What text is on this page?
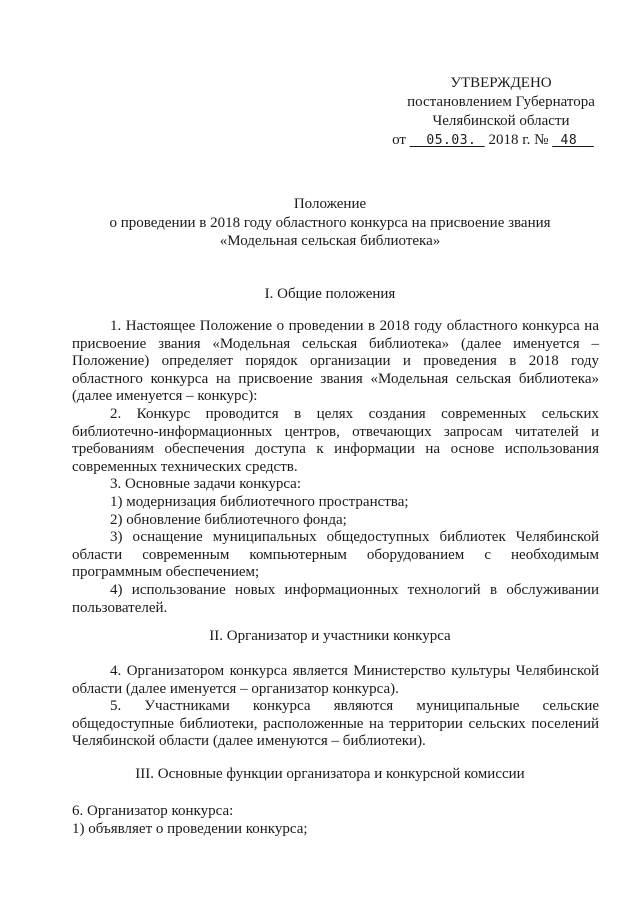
УТВЕРЖДЕНО
постановлением Губернатора
Челябинской области
от 05.03. 2018 г. № 48
Положение
о проведении в 2018 году областного конкурса на присвоение звания
«Модельная сельская библиотека»
I. Общие положения

1. Настоящее Положение о проведении в 2018 году областного конкурса на присвоение звания «Модельная сельская библиотека» (далее именуется – Положение) определяет порядок организации и проведения в 2018 году областного конкурса на присвоение звания «Модельная сельская библиотека» (далее именуется – конкурс):

2. Конкурс проводится в целях создания современных сельских библиотечно-информационных центров, отвечающих запросам читателей и требованиям обеспечения доступа к информации на основе использования современных технических средств.

3. Основные задачи конкурса:

1) модернизация библиотечного пространства;

2) обновление библиотечного фонда;

3) оснащение муниципальных общедоступных библиотек Челябинской области современным компьютерным оборудованием с необходимым программным обеспечением;

4) использование новых информационных технологий в обслуживании пользователей.

II. Организатор и участники конкурса

4. Организатором конкурса является Министерство культуры Челябинской области (далее именуется – организатор конкурса).

5. Участниками конкурса являются муниципальные сельские общедоступные библиотеки, расположенные на территории сельских поселений Челябинской области (далее именуются – библиотеки).

III. Основные функции организатора и конкурсной комиссии

6. Организатор конкурса:

1) объявляет о проведении конкурса;
